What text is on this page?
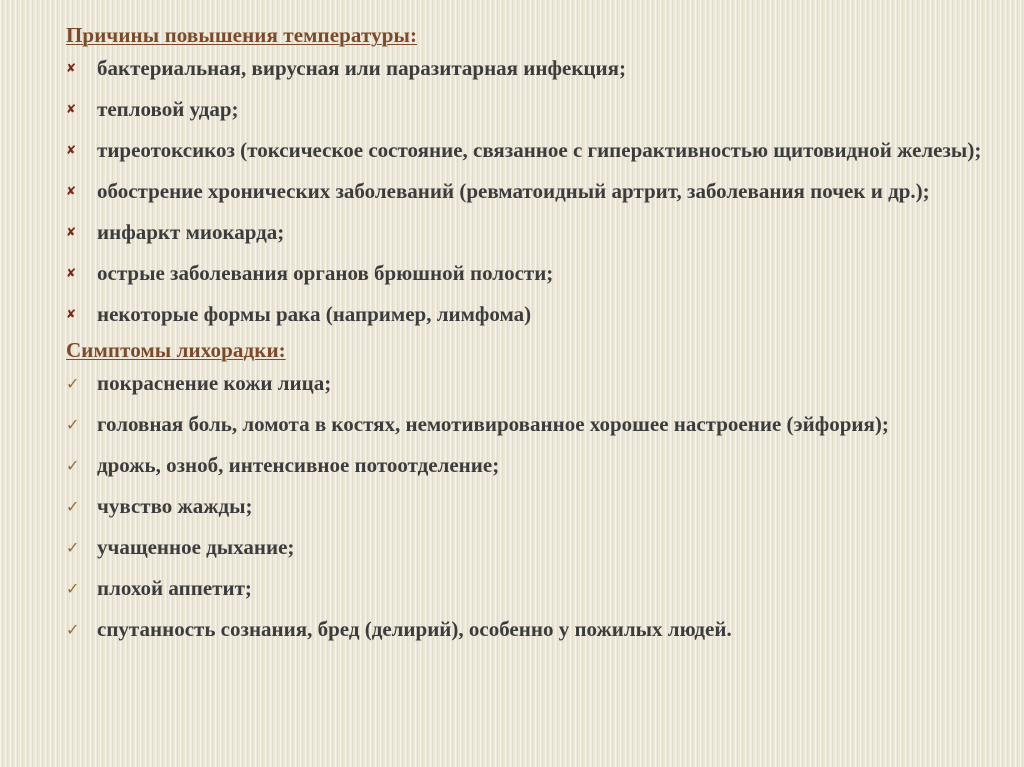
Причины повышения температуры:
✘ бактериальная, вирусная или паразитарная инфекция;
✘ тепловой удар;
✘ тиреотоксикоз (токсическое состояние, связанное с гиперактивностью щитовидной железы);
✘ обострение хронических заболеваний (ревматоидный артрит, заболевания почек и др.);
✘ инфаркт миокарда;
✘ острые заболевания органов брюшной полости;
✘ некоторые формы рака (например, лимфома)
Симптомы лихорадки:
✓ покраснение кожи лица;
✓ головная боль, ломота в костях, немотивированное хорошее настроение (эйфория);
✓ дрожь, озноб, интенсивное потоотделение;
✓ чувство жажды;
✓ учащенное дыхание;
✓ плохой аппетит;
✓ спутанность сознания, бред (делирий), особенно у пожилых людей.
